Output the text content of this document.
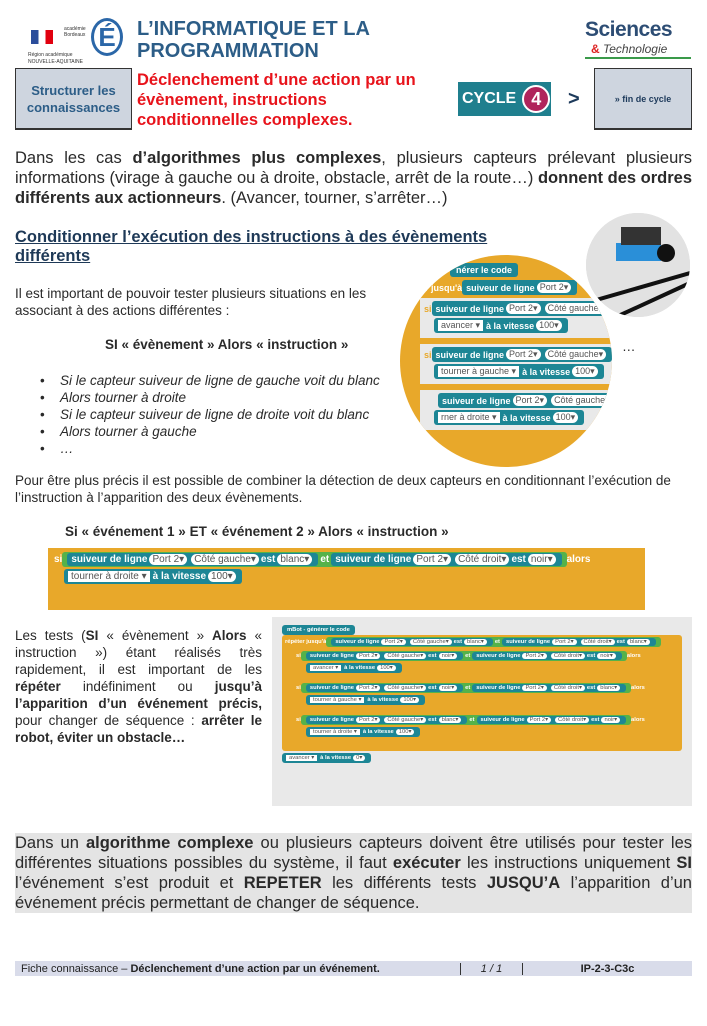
académie Bordeaux É
Région académique
NOUVELLE-AQUITAINE
L’INFORMATIQUE ET LA
PROGRAMMATION
Sciences
& Technologie
Structurer les connaissances
Déclenchement d’une action par un évènement, instructions conditionnelles complexes.
CYCLE 4	>	» fin de cycle
Dans les cas d’algorithmes plus complexes, plusieurs capteurs prélevant plusieurs informations (virage à gauche ou à droite, obstacle, arrêt de la route…) donnent des ordres différents aux actionneurs. (Avancer, tourner, s’arrêter…)
Conditionner l’exécution des instructions à des évènements différents
Il est important de pouvoir tester plusieurs situations en les associant à des actions différentes :
SI « évènement » Alors « instruction »	…
• Si le capteur suiveur de ligne de gauche voit du blanc
• Alors tourner à droite
• Si le capteur suiveur de ligne de droite voit du blanc
• Alors tourner à gauche
• …
nérer le code
er jusqu'à suiveur de ligne Port 2▾
si suiveur de ligne Port 2▾	Côté gauche▾
avancer ▾ à la vitesse 100▾
si suiveur de ligne Port 2▾	Côté gauche▾
tourner à gauche ▾ à la vitesse 100▾
suiveur de ligne Port 2▾	Côté gauche▾
rner à droite ▾ à la vitesse 100▾
Pour être plus précis il est possible de combiner la détection de deux capteurs en conditionnant l’exécution de l’instruction à l’apparition des deux évènements.
Si « événement 1 » ET « événement 2 » Alors « instruction »
si suiveur de ligne Port 2▾	Côté gauche▾ est blanc▾	et suiveur de ligne Port 2▾	Côté droit▾ est noir▾	alors
tourner à droite ▾ à la vitesse 100▾
Les tests (SI « évènement » Alors « instruction ») étant réalisés très rapidement, il est important de les répéter indéfiniment ou jusqu’à l’apparition d’un événement précis, pour changer de séquence : arrêter le robot, éviter un obstacle…
mBot - générer le code
répéter jusqu'à	suiveur de ligne Port 2▾	Côté gauche▾ est blanc▾	et	suiveur de ligne Port 2▾	Côté droit▾ est blanc▾
si	suiveur de ligne Port 2▾	Côté gauche▾ est noir▾	et	suiveur de ligne Port 2▾	Côté droit▾ est noir▾	alors
avancer ▾	à la vitesse 100▾
si	suiveur de ligne Port 2▾	Côté gauche▾ est noir▾	et	suiveur de ligne Port 2▾	Côté droit▾ est blanc▾	alors
tourner à gauche ▾	à la vitesse 100▾
si	suiveur de ligne Port 2▾	Côté gauche▾ est blanc▾	et	suiveur de ligne Port 2▾	Côté droit▾ est noir▾	alors
tourner à droite ▾	à la vitesse 100▾
avancer ▾	à la vitesse 0▾
Dans un algorithme complexe ou plusieurs capteurs doivent être utilisés pour tester les différentes situations possibles du système, il faut exécuter les instructions uniquement SI l’événement s’est produit et REPETER les différents tests JUSQU’A l’apparition d’un événement précis permettant de changer de séquence.
Fiche connaissance – Déclenchement d’une action par un événement.	1 / 1	IP-2-3-C3c
